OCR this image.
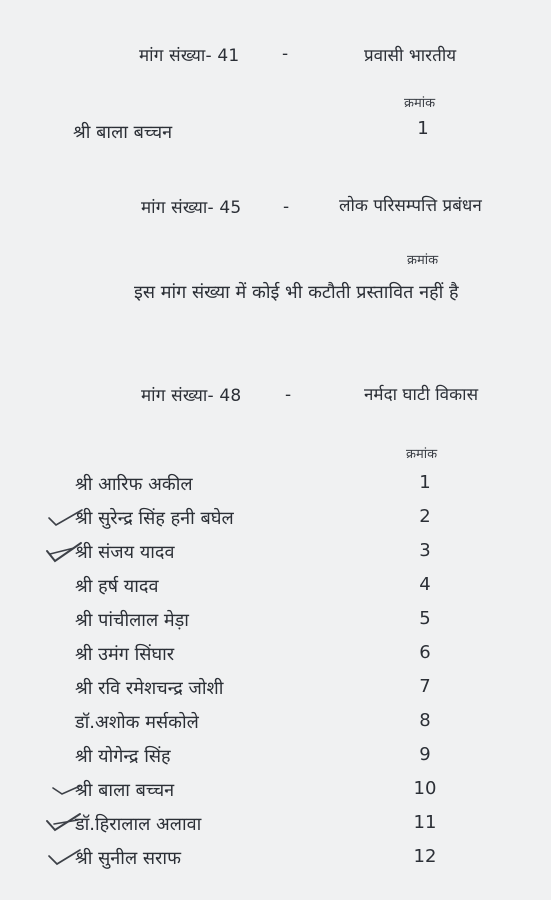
मांग संख्या- 41	-	प्रवासी भारतीय
क्रमांक
श्री बाला बच्चन	1
मांग संख्या- 45 -	लोक परिसम्पत्ति प्रबंधन
क्रमांक
इस मांग संख्या में कोई भी कटौती प्रस्तावित नहीं है
मांग संख्या- 48	-	नर्मदा घाटी विकास
क्रमांक
श्री आरिफ अकील	1
श्री सुरेन्द्र सिंह हनी बघेल	2
श्री संजय यादव	3
श्री हर्ष यादव	4
श्री पांचीलाल मेड़ा	5
श्री उमंग सिंघार	6
श्री रवि रमेशचन्द्र जोशी	7
डॉ.अशोक मर्सकोले	8
श्री योगेन्द्र सिंह	9
श्री बाला बच्चन	10
डॉ.हिरालाल अलावा	11
श्री सुनील सराफ	12
